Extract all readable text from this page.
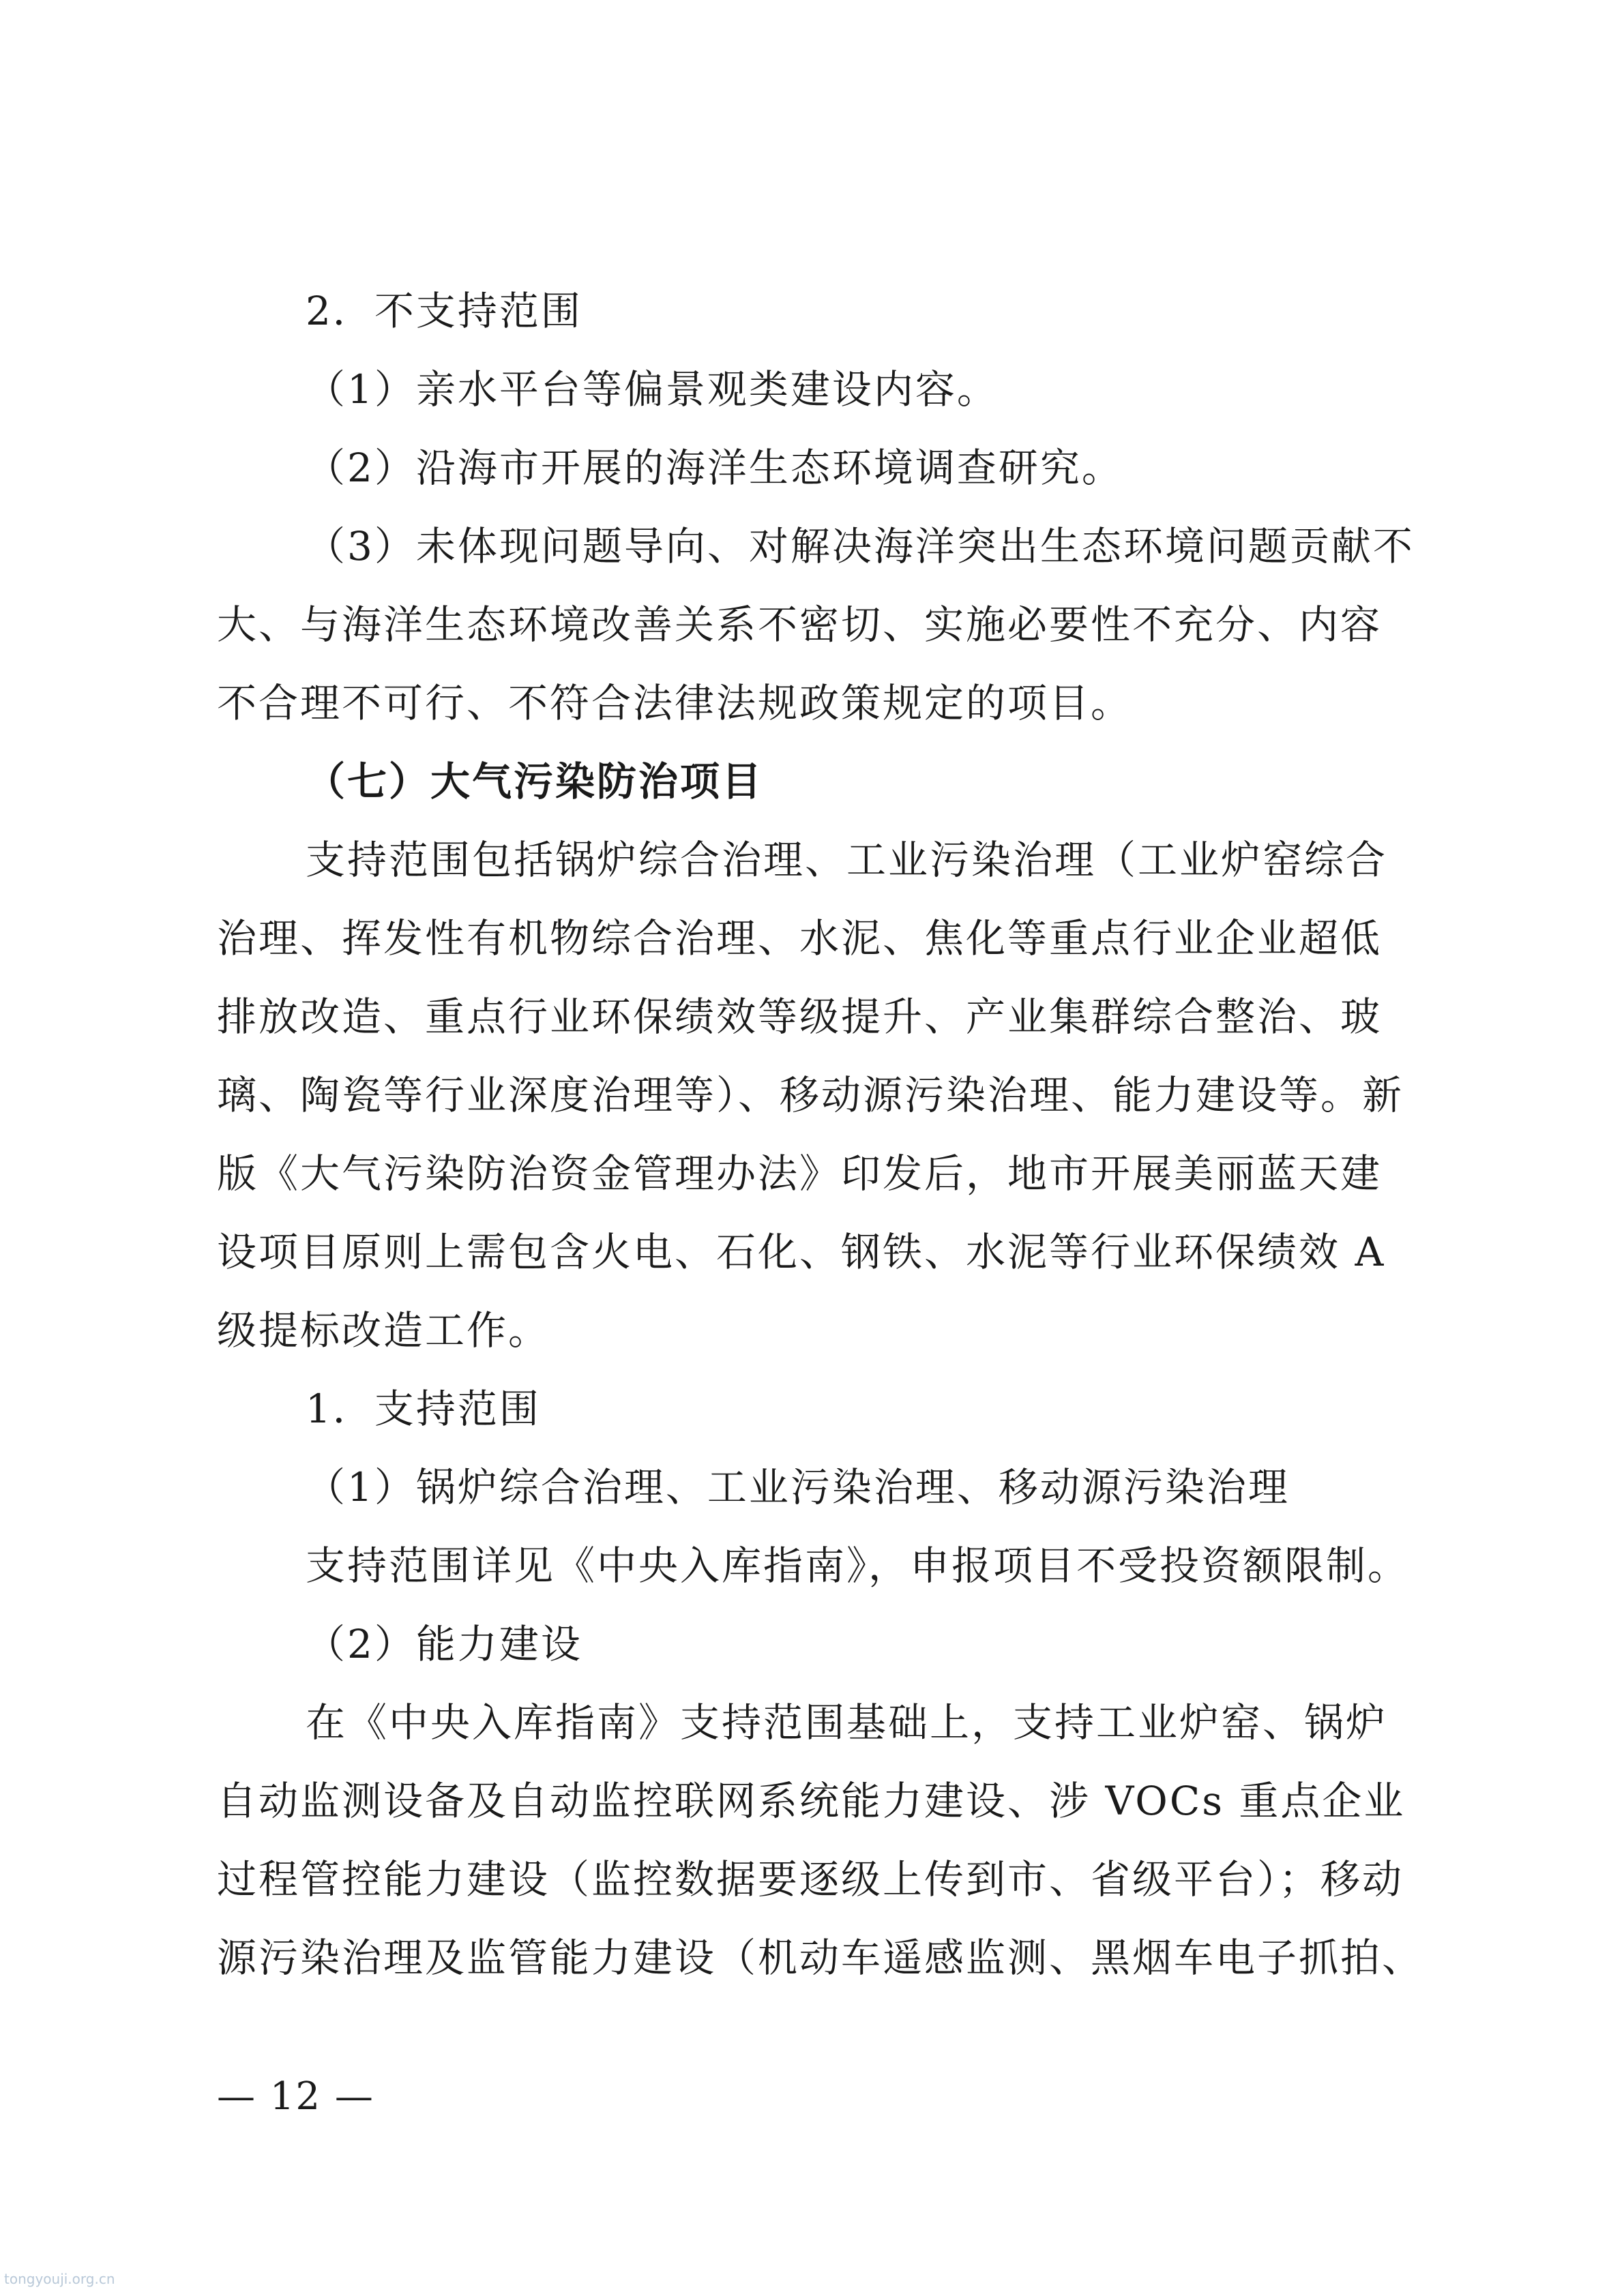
2．不支持范围
（1）亲水平台等偏景观类建设内容。
（2）沿海市开展的海洋生态环境调查研究。
（3）未体现问题导向、对解决海洋突出生态环境问题贡献不
大、与海洋生态环境改善关系不密切、实施必要性不充分、内容
不合理不可行、不符合法律法规政策规定的项目。
（七）大气污染防治项目
支持范围包括锅炉综合治理、工业污染治理（工业炉窑综合
治理、挥发性有机物综合治理、水泥、焦化等重点行业企业超低
排放改造、重点行业环保绩效等级提升、产业集群综合整治、玻
璃、陶瓷等行业深度治理等）、移动源污染治理、能力建设等。新
版《大气污染防治资金管理办法》印发后，地市开展美丽蓝天建
设项目原则上需包含火电、石化、钢铁、水泥等行业环保绩效 A
级提标改造工作。
1．支持范围
（1）锅炉综合治理、工业污染治理、移动源污染治理
支持范围详见《中央入库指南》，申报项目不受投资额限制。
（2）能力建设
在《中央入库指南》支持范围基础上，支持工业炉窑、锅炉
自动监测设备及自动监控联网系统能力建设、涉 VOCs 重点企业
过程管控能力建设（监控数据要逐级上传到市、省级平台）；移动
源污染治理及监管能力建设（机动车遥感监测、黑烟车电子抓拍、
— 12 —
tongyouji.org.cn
